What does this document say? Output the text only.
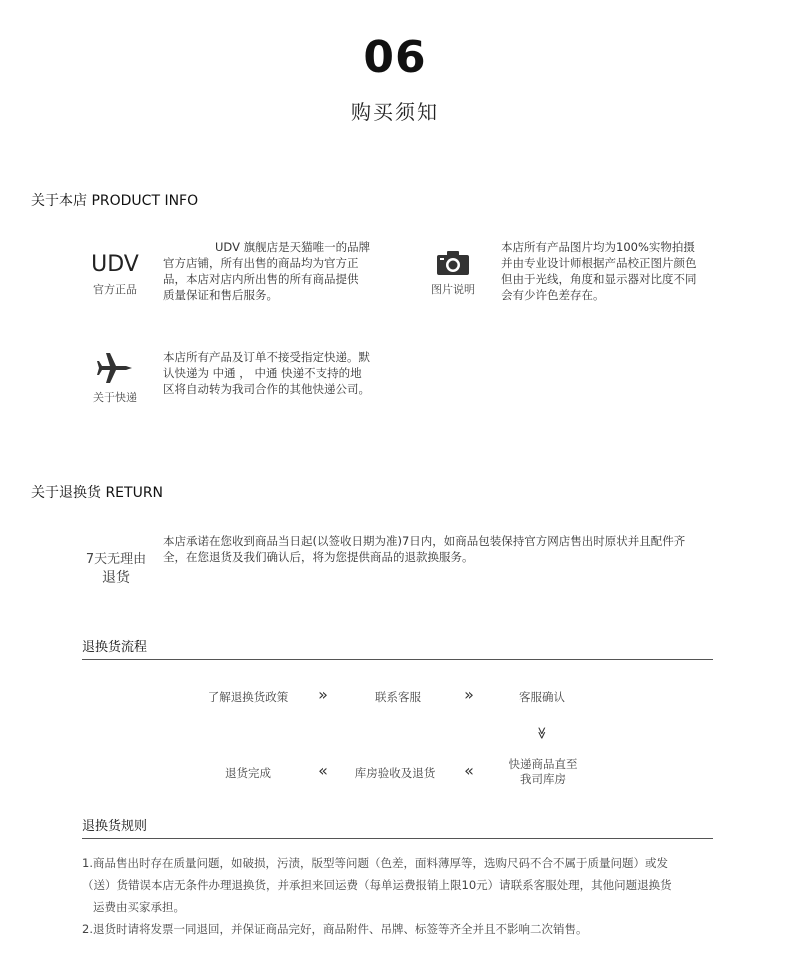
06
购买须知
关于本店 PRODUCT INFO
UDV
官方正品
UDV 旗舰店是天猫唯一的品牌
官方店铺，所有出售的商品均为官方正
品，本店对店内所出售的所有商品提供
质量保证和售后服务。	图片说明
本店所有产品图片均为100%实物拍摄
并由专业设计师根据产品校正图片颜色
但由于光线，角度和显示器对比度不同
会有少许色差存在。
关于快递
本店所有产品及订单不接受指定快递。默
认快递为 中通 ， 中通 快递不支持的地
区将自动转为我司合作的其他快递公司。
关于退换货 RETURN
7天无理由
退货
本店承诺在您收到商品当日起(以签收日期为准)7日内，如商品包装保持官方网店售出时原状并且配件齐
全，在您退货及我们确认后，将为您提供商品的退款换服务。
退换货流程
了解退换货政策	»	联系客服	»	客服确认
≫
快递商品直至
我司库房
«
库房验收及退货
«
退货完成
退换货规则
1.商品售出时存在质量问题，如破损，污渍，版型等问题（色差，面料薄厚等，选购尺码不合不属于质量问题）或发
（送）货错误本店无条件办理退换货，并承担来回运费（每单运费报销上限10元）请联系客服处理，其他问题退换货
运费由买家承担。
2.退货时请将发票一同退回，并保证商品完好，商品附件、吊牌、标签等齐全并且不影响二次销售。
